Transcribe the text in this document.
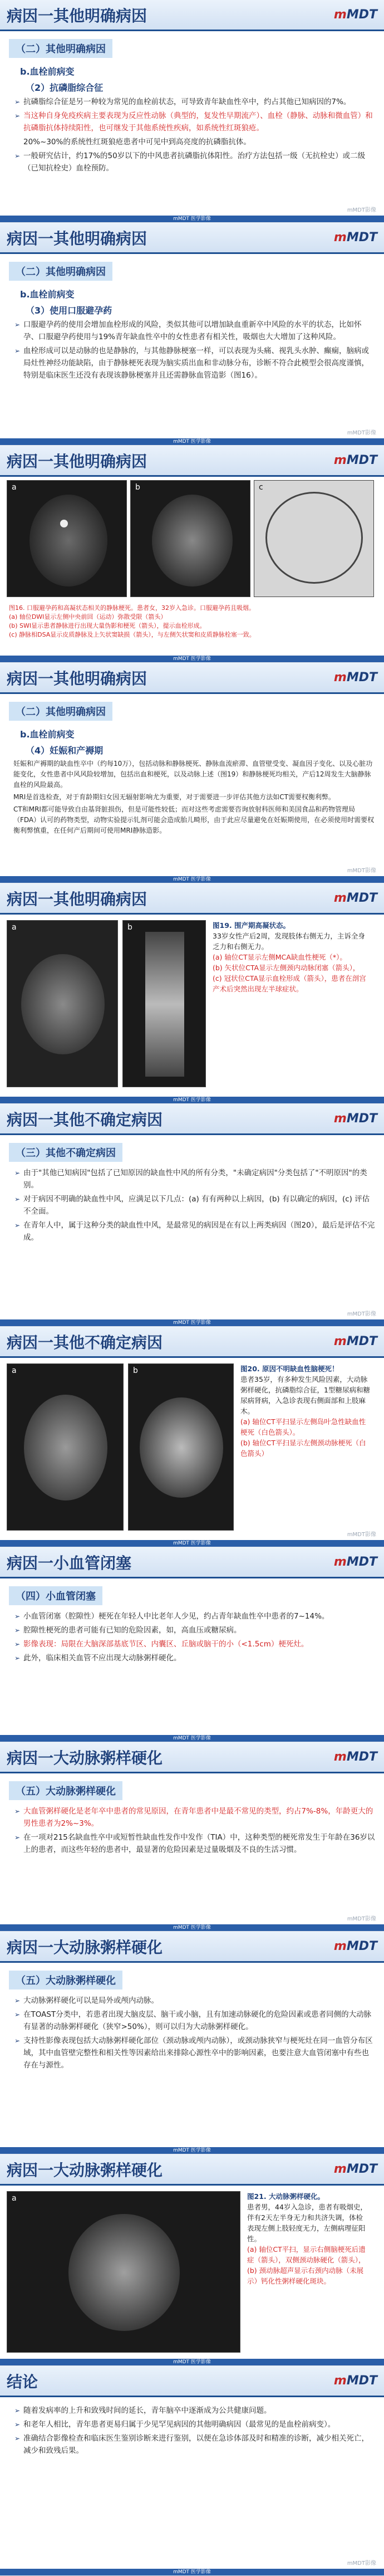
病因一其他明确病因	mMDT
（二）其他明确病因
b.血栓前病变
（2）抗磷脂综合征
➢ 抗磷脂综合征是另一种较为常见的血栓前状态，可导致青年缺血性卒中，约占其他已知病因的7%。
➢ 当这种自身免疫疾病主要表现为反应性动脉（典型的，复发性早期流产）、血栓（静脉、动脉和微血管）和抗磷脂抗体持续阳性，也可继发于其他系统性疾病，如系统性红斑狼疮。
20%~30%的系统性红斑狼疮患者中可见中到高亮度的抗磷脂抗体。
➢ 一般研究估计，约17%的50岁以下的中风患者抗磷脂抗体阳性。治疗方法包括一级（无抗栓史）或二级（已知抗栓史）血栓预防。
mMDT影像
mMDT 医学影像
病因一其他明确病因	mMDT
（二）其他明确病因
b.血栓前病变
（3）使用口服避孕药
➢ 口服避孕药的使用会增加血栓形成的风险，类似其他可以增加缺血重新卒中风险的水平的状态，比如怀孕、口服避孕药使用与19%青年缺血性卒中的女性患者有相关性，吸烟也大大增加了这种风险。
➢ 血栓形成可以是动脉的也是静脉的，与其他静脉梗塞一样，可以表现为头痛、视乳头水肿、癫痫，脑病或局灶性神经功能缺陷，由于静脉梗死表现为脑实质出血和非动脉分布，诊断不符合此模型会很高度谨慎，特别是临床医生还没有表现该静脉梗塞并且还需静脉血管造影（图16）。
mMDT影像
mMDT 医学影像
病因一其他明确病因	mMDT
a	b	c
图16. 口服避孕药和高凝状态相关的静脉梗死。患者女，32岁入急诊。口服避孕药且吸烟。
(a) 轴位DWI显示左侧中央前回（运动）弥散受限（箭头）
(b) SWI显示患者静脉进行出现大量伪影和梗死（箭头），提示血栓形成。
(c) 静脉相DSA显示皮质静脉及上矢状窦缺损（箭头），与左侧矢状窦和皮质静脉栓塞一致。
mMDT 医学影像
病因一其他明确病因	mMDT
（二）其他明确病因
b.血栓前病变
（4）妊娠和产褥期
妊娠和产褥期的缺血性卒中（约每10万），包括动脉和静脉梗死、静脉血流瘀滞、血管壁受变、凝血因子变化、以及心脏功能变化，女性患者中风风险较增加，包括出血和梗死，以及动脉上述（图19）和静脉梗死均相关，产后12周发生大脑静脉血栓的风险最高。
MRI是首选检查，对于育龄期妇女因无辐射影响尤为重要，对于需要进一步评估其他方法如CT需要权衡利弊。
CT和MRI都可能导致自由基肾脏损伤，但是可能性较低；而对这些考虑需要咨询放射科医师和美国食品和药物管理局（FDA）认可的药物类型，动物实验提示钆剂可能会造成胎儿畸形，由于此应尽量避免在妊娠期使用，在必须使用时需要权衡利弊慎重，在任何产后期间可使用MRI静脉造影。
mMDT影像
mMDT 医学影像
病因一其他明确病因	mMDT
a	b	图19. 围产期高凝状态。
33岁女性产后2周，发现肢体右侧无力，主诉全身乏力和右侧无力。
(a) 轴位CT显示左侧MCA缺血性梗死（*）。
(b) 矢状位CTA显示左侧颈内动脉闭塞（箭头），
(c) 冠状位CTA显示血栓形成（箭头），患者在剖宫产术后突然出现左半球症状。
mMDT 医学影像
病因一其他不确定病因	mMDT
（三）其他不确定病因
➢ 由于"其他已知病因"包括了已知原因的缺血性中风的所有分类，"未确定病因"分类包括了"不明原因"的类别。
➢ 对于病因不明确的缺血性中风，应满足以下几点：(a) 有有两种以上病因，(b) 有以确定的病因，(c) 评估不全面。
➢ 在青年人中，属于这种分类的缺血性中风，是最常见的病因是在有以上两类病因（图20），最后是评估不完成。
mMDT影像
mMDT 医学影像
病因一其他不确定病因	mMDT
a	b	图20. 原因不明缺血性脑梗死！
患者35岁，有多种发生风险因素，大动脉粥样硬化，抗磷脂综合征，1型糖尿病和糖尿病肾病，入急诊表现右侧面部和上肢麻木。
(a) 轴位CT平扫显示左侧岛叶急性缺血性梗死（白色箭头）。
(b) 轴位CT平扫显示左侧颈动脉梗死（白色箭头）
mMDT影像
mMDT 医学影像
病因一小血管闭塞	mMDT
（四）小血管闭塞
➢ 小血管闭塞（腔隙性）梗死在年轻人中比老年人少见，约占青年缺血性卒中患者的7~14%。
➢ 腔隙性梗死的患者可能有已知的危险因素，如，高血压或糖尿病。
➢ 影像表现：局限在大脑深部基底节区、内囊区、丘脑或脑干的小（<1.5cm）梗死灶。
➢ 此外，临床相关血管不应出现大动脉粥样硬化。
mMDT 医学影像
病因一大动脉粥样硬化	mMDT
（五）大动脉粥样硬化
➢ 大血管粥样硬化是老年卒中患者的常见原因，在青年患者中是最不常见的类型，约占7%-8%，年龄更大的男性患者为2%~3%。
➢ 在一项对215名缺血性卒中或短暂性缺血性发作中发作（TIA）中，这种类型的梗死常发生于年龄在36岁以上的患者，而这些年轻的患者中，最显著的危险因素是过量吸烟及不良的生活习惯。
mMDT影像
mMDT 医学影像
病因一大动脉粥样硬化	mMDT
（五）大动脉粥样硬化
➢ 大动脉粥样硬化可以是局外或颅内动脉。
➢ 在TOAST分类中，若患者出现大脑皮层、脑干或小脑，且有加速动脉硬化的危险因素或患者同侧的大动脉有显著的动脉粥样硬化（狭窄>50%），则可以归为大动脉粥样硬化。
➢ 支持性影像表现包括大动脉粥样硬化部位（颈动脉或颅内动脉），或颈动脉狭窄与梗死灶在同一血管分布区域，其中血管壁完整性和相关性等因素给出来排除心源性卒中的影响因素，也要注意大血管闭塞中有些也存在与源性。
mMDT 医学影像
病因一大动脉粥样硬化	mMDT
a	图21. 大动脉粥样硬化。
患者男，44岁入急诊，患者有吸烟史，伴有2天左半身无力和共济失调，体检表现左侧上肢轻度无力，左侧病理征阳性。
(a) 轴位CT平扫，显示右侧脑梗死后遗症（箭头），双侧颈动脉硬化（箭头），
(b) 颈动脉超声显示右颈内动脉（未展示）钙化性粥样硬化斑块。
mMDT 医学影像
结论	mMDT
➢ 随着发病率的上升和致残时间的延长，青年脑卒中逐渐成为公共健康问题。
➢ 和老年人相比，青年患者更易归属于少见罕见病因的其他明确病因（最常见的是血栓前病变）。
➢ 准确结合影像检查和临床医生鉴别诊断来进行鉴别，以便在急诊体部及时和精准的诊断，减少相关死亡，减少和致残后果。
mMDT影像
mMDT 医学影像
